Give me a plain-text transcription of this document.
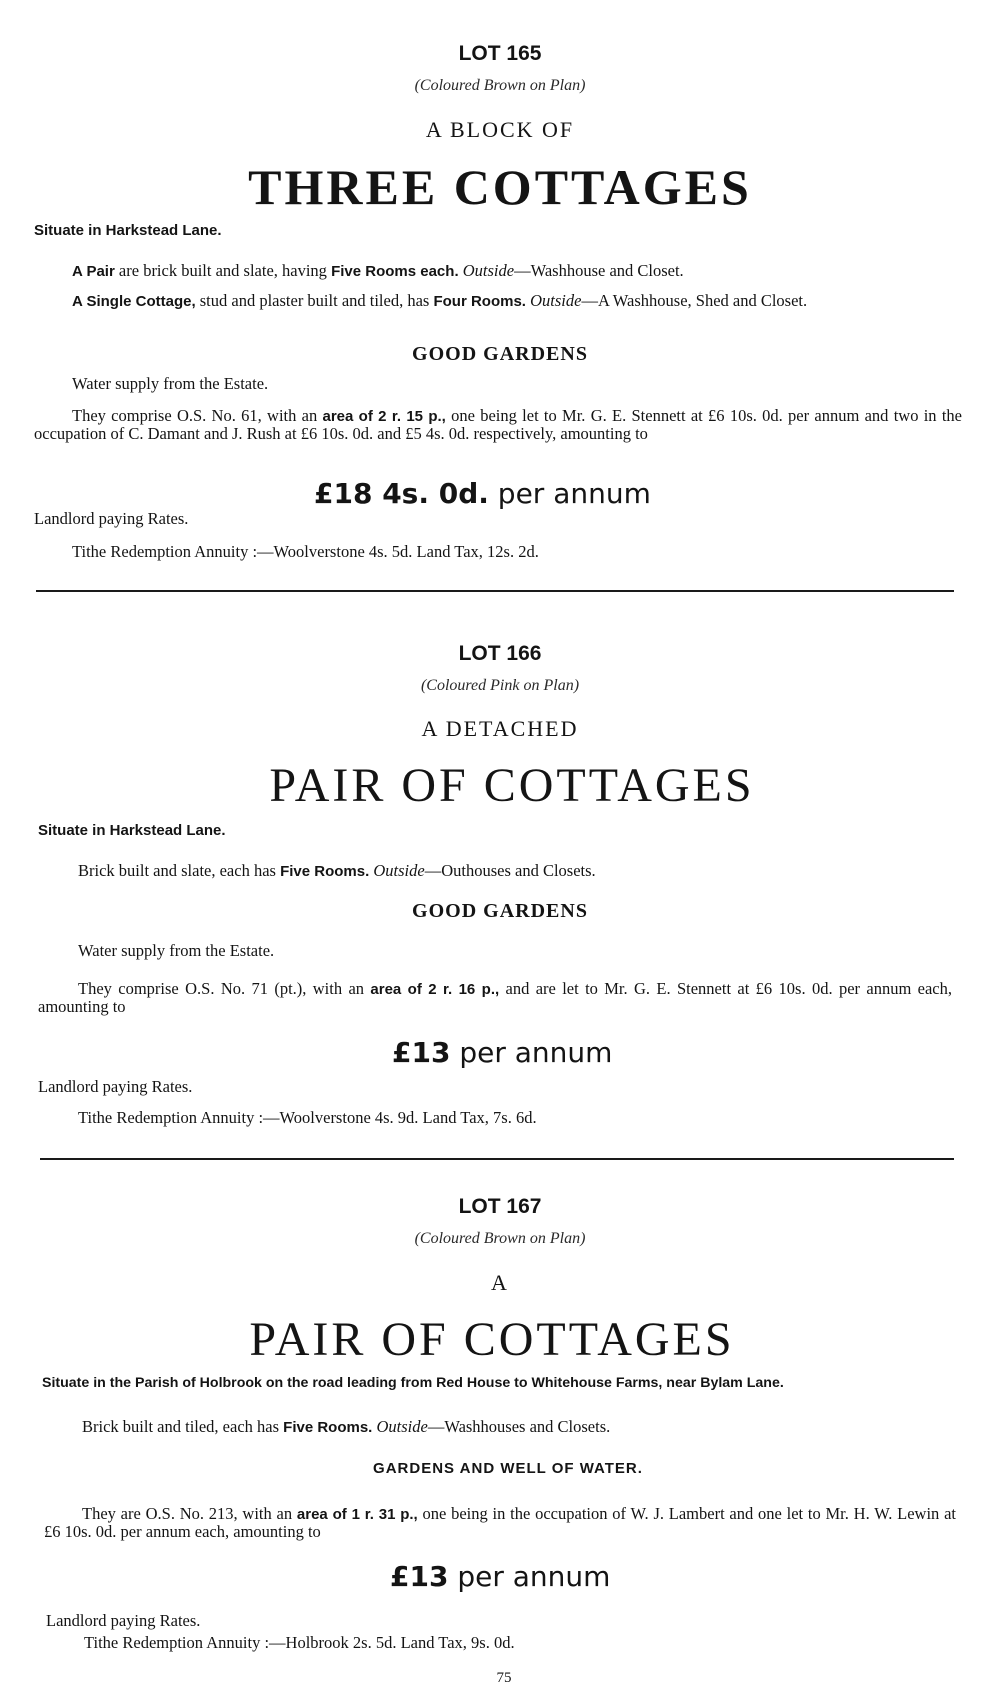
LOT 165

(Coloured Brown on Plan)

A BLOCK OF

THREE COTTAGES

Situate in Harkstead Lane.

A Pair are brick built and slate, having Five Rooms each. Outside—Washhouse and Closet.

A Single Cottage, stud and plaster built and tiled, has Four Rooms. Outside—A Washhouse, Shed and Closet.

GOOD GARDENS

Water supply from the Estate.

They comprise O.S. No. 61, with an area of 2 r. 15 p., one being let to Mr. G. E. Stennett at £6 10s. 0d. per annum and two in the occupation of C. Damant and J. Rush at £6 10s. 0d. and £5 4s. 0d. respectively, amounting to

£18 4s. 0d. per annum

Landlord paying Rates.

Tithe Redemption Annuity :—Woolverstone 4s. 5d. Land Tax, 12s. 2d.

LOT 166

(Coloured Pink on Plan)

A DETACHED

PAIR OF COTTAGES

Situate in Harkstead Lane.

Brick built and slate, each has Five Rooms. Outside—Outhouses and Closets.

GOOD GARDENS

Water supply from the Estate.

They comprise O.S. No. 71 (pt.), with an area of 2 r. 16 p., and are let to Mr. G. E. Stennett at £6 10s. 0d. per annum each, amounting to

£13 per annum

Landlord paying Rates.

Tithe Redemption Annuity :—Woolverstone 4s. 9d. Land Tax, 7s. 6d.

LOT 167

(Coloured Brown on Plan)

A

PAIR OF COTTAGES

Situate in the Parish of Holbrook on the road leading from Red House to Whitehouse Farms, near Bylam Lane.

Brick built and tiled, each has Five Rooms. Outside—Washhouses and Closets.

GARDENS AND WELL OF WATER.

They are O.S. No. 213, with an area of 1 r. 31 p., one being in the occupation of W. J. Lambert and one let to Mr. H. W. Lewin at £6 10s. 0d. per annum each, amounting to

£13 per annum

Landlord paying Rates.

Tithe Redemption Annuity :—Holbrook 2s. 5d. Land Tax, 9s. 0d.

75
